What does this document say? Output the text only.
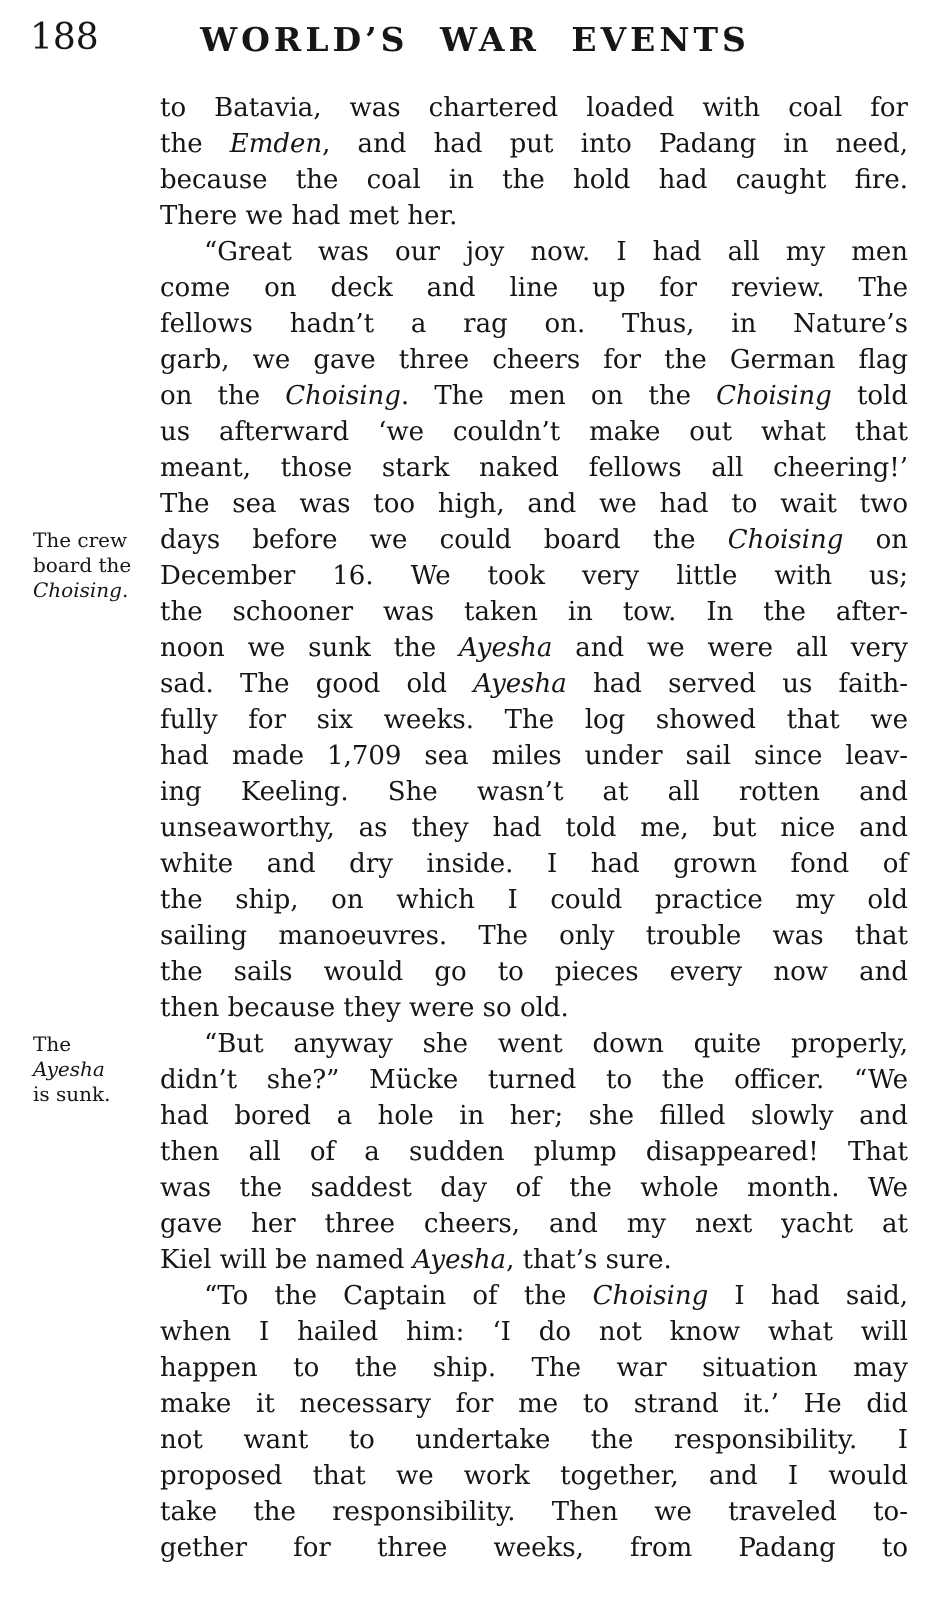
188	WORLD’S WAR EVENTS
to Batavia, was chartered loaded with coal for
the Emden, and had put into Padang in need,
because the coal in the hold had caught fire.
There we had met her.
“Great was our joy now. I had all my men
come on deck and line up for review. The
fellows hadn’t a rag on. Thus, in Nature’s
garb, we gave three cheers for the German flag
on the Choising. The men on the Choising told
us afterward ‘we couldn’t make out what that
meant, those stark naked fellows all cheering!’
The sea was too high, and we had to wait two
days before we could board the Choising on
December 16. We took very little with us;
the schooner was taken in tow. In the after-
noon we sunk the Ayesha and we were all very
sad. The good old Ayesha had served us faith-
fully for six weeks. The log showed that we
had made 1,709 sea miles under sail since leav-
ing Keeling. She wasn’t at all rotten and
unseaworthy, as they had told me, but nice and
white and dry inside. I had grown fond of
the ship, on which I could practice my old
sailing manoeuvres. The only trouble was that
the sails would go to pieces every now and
then because they were so old.
“But anyway she went down quite properly,
didn’t she?” Mücke turned to the officer. “We
had bored a hole in her; she filled slowly and
then all of a sudden plump disappeared! That
was the saddest day of the whole month. We
gave her three cheers, and my next yacht at
Kiel will be named Ayesha, that’s sure.
“To the Captain of the Choising I had said,
when I hailed him: ‘I do not know what will
happen to the ship. The war situation may
make it necessary for me to strand it.’ He did
not want to undertake the responsibility. I
proposed that we work together, and I would
take the responsibility. Then we traveled to-
gether for three weeks, from Padang to
The crew
board the
Choising.
The
Ayesha
is sunk.
